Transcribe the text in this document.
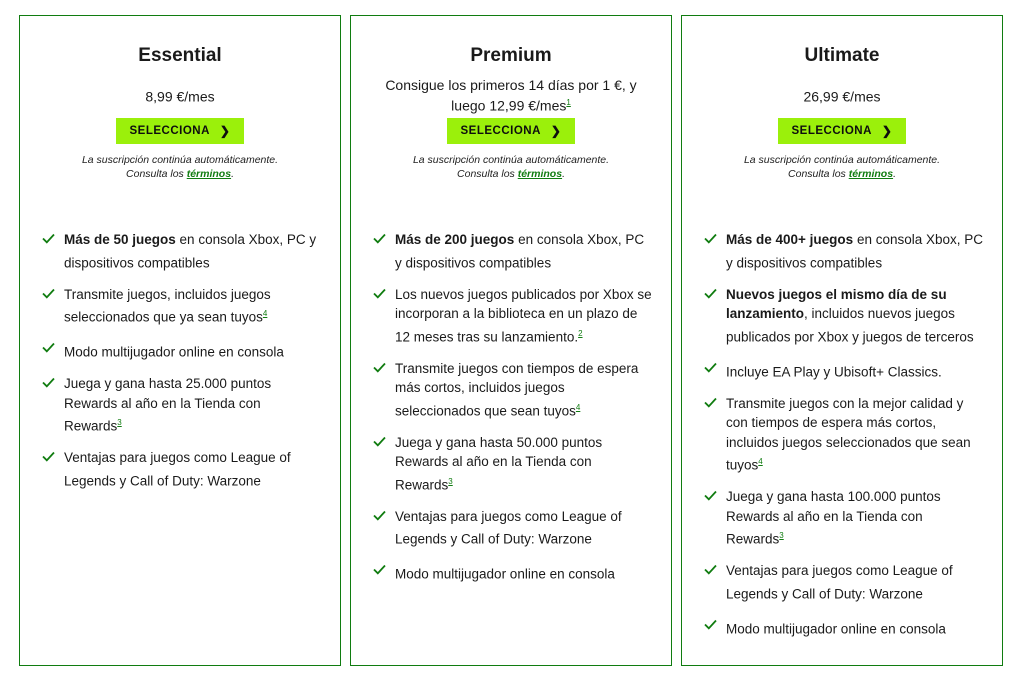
Essential
8,99 €/mes
SELECCIONA ❯
La suscripción continúa automáticamente.
Consulta los términos.
Más de 50 juegos en consola Xbox, PC y dispositivos compatibles
Transmite juegos, incluidos juegos seleccionados que ya sean tuyos$^4$
Modo multijugador online en consola
Juega y gana hasta 25.000 puntos Rewards al año en la Tienda con Rewards$^3$
Ventajas para juegos como League of Legends y Call of Duty: Warzone
Premium
Consigue los primeros 14 días por 1 €, y luego 12,99 €/mes$^1$
SELECCIONA ❯
La suscripción continúa automáticamente.
Consulta los términos.
Más de 200 juegos en consola Xbox, PC y dispositivos compatibles
Los nuevos juegos publicados por Xbox se incorporan a la biblioteca en un plazo de 12 meses tras su lanzamiento.$^2$
Transmite juegos con tiempos de espera más cortos, incluidos juegos seleccionados que sean tuyos$^4$
Juega y gana hasta 50.000 puntos Rewards al año en la Tienda con Rewards$^3$
Ventajas para juegos como League of Legends y Call of Duty: Warzone
Modo multijugador online en consola
Ultimate
26,99 €/mes
SELECCIONA ❯
La suscripción continúa automáticamente.
Consulta los términos.
Más de 400+ juegos en consola Xbox, PC y dispositivos compatibles
Nuevos juegos el mismo día de su lanzamiento, incluidos nuevos juegos publicados por Xbox y juegos de terceros
Incluye EA Play y Ubisoft+ Classics.
Transmite juegos con la mejor calidad y con tiempos de espera más cortos, incluidos juegos seleccionados que sean tuyos$^4$
Juega y gana hasta 100.000 puntos Rewards al año en la Tienda con Rewards$^3$
Ventajas para juegos como League of Legends y Call of Duty: Warzone
Modo multijugador online en consola
